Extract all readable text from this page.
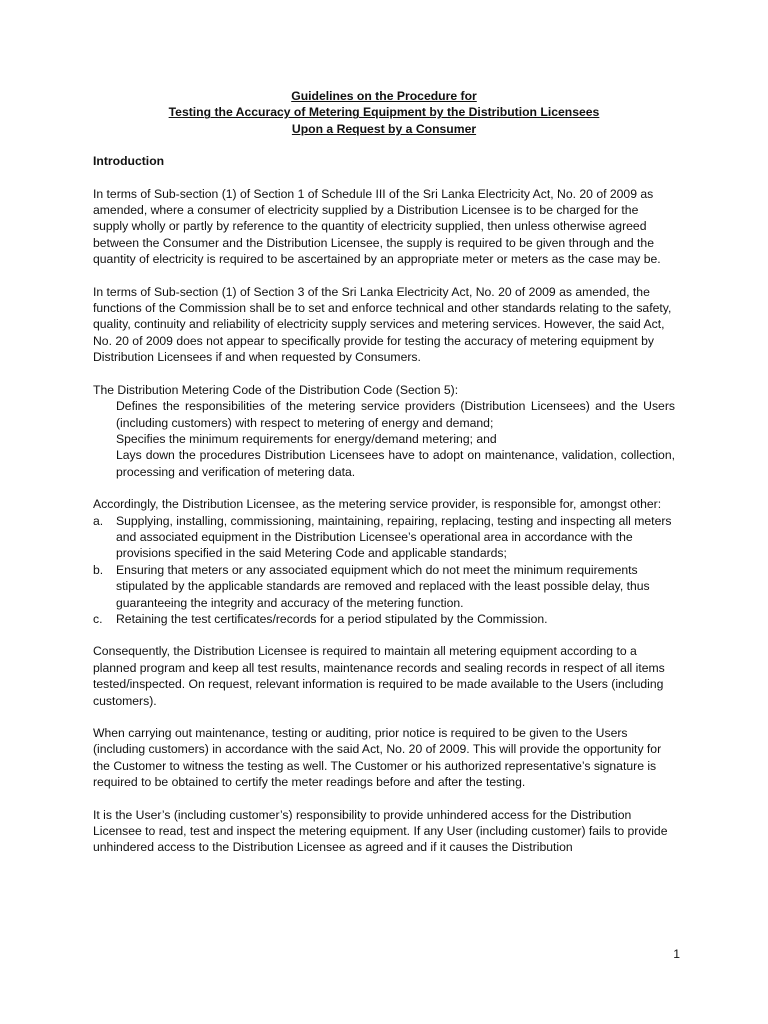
Guidelines on the Procedure for
Testing the Accuracy of Metering Equipment by the Distribution Licensees
Upon a Request by a Consumer

Introduction

In terms of Sub-section (1) of Section 1 of Schedule III of the Sri Lanka Electricity Act, No. 20 of 2009 as amended, where a consumer of electricity supplied by a Distribution Licensee is to be charged for the supply wholly or partly by reference to the quantity of electricity supplied, then unless otherwise agreed between the Consumer and the Distribution Licensee, the supply is required to be given through and the quantity of electricity is required to be ascertained by an appropriate meter or meters as the case may be.

In terms of Sub-section (1) of Section 3 of the Sri Lanka Electricity Act, No. 20 of 2009 as amended, the functions of the Commission shall be to set and enforce technical and other standards relating to the safety, quality, continuity and reliability of electricity supply services and metering services. However, the said Act, No. 20 of 2009 does not appear to specifically provide for testing the accuracy of metering equipment by Distribution Licensees if and when requested by Consumers.

The Distribution Metering Code of the Distribution Code (Section 5):

Defines the responsibilities of the metering service providers (Distribution Licensees) and the Users (including customers) with respect to metering of energy and demand;
Specifies the minimum requirements for energy/demand metering; and
Lays down the procedures Distribution Licensees have to adopt on maintenance, validation, collection, processing and verification of metering data.

Accordingly, the Distribution Licensee, as the metering service provider, is responsible for, amongst other:

a. Supplying, installing, commissioning, maintaining, repairing, replacing, testing and inspecting all meters and associated equipment in the Distribution Licensee’s operational area in accordance with the provisions specified in the said Metering Code and applicable standards;
b. Ensuring that meters or any associated equipment which do not meet the minimum requirements stipulated by the applicable standards are removed and replaced with the least possible delay, thus guaranteeing the integrity and accuracy of the metering function.
c. Retaining the test certificates/records for a period stipulated by the Commission.

Consequently, the Distribution Licensee is required to maintain all metering equipment according to a planned program and keep all test results, maintenance records and sealing records in respect of all items tested/inspected. On request, relevant information is required to be made available to the Users (including customers).

When carrying out maintenance, testing or auditing, prior notice is required to be given to the Users (including customers) in accordance with the said Act, No. 20 of 2009. This will provide the opportunity for the Customer to witness the testing as well. The Customer or his authorized representative’s signature is required to be obtained to certify the meter readings before and after the testing.

It is the User’s (including customer’s) responsibility to provide unhindered access for the Distribution Licensee to read, test and inspect the metering equipment. If any User (including customer) fails to provide unhindered access to the Distribution Licensee as agreed and if it causes the Distribution

1
